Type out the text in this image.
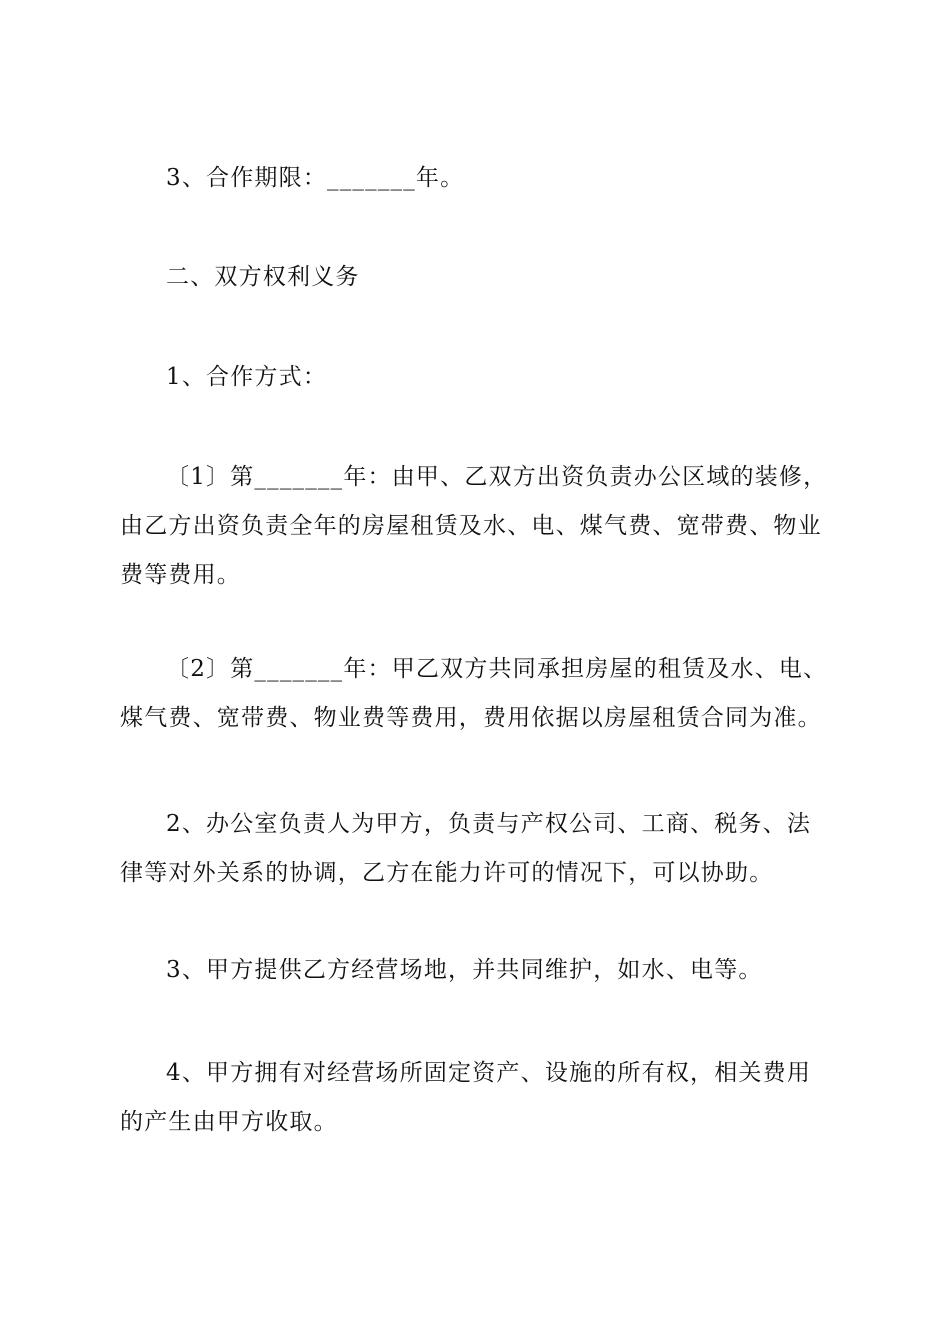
3、合作期限：_______年。

二、双方权利义务

1、合作方式：

〔1〕第_______年：由甲、乙双方出资负责办公区域的装修，由乙方出资负责全年的房屋租赁及水、电、煤气费、宽带费、物业费等费用。

〔2〕第_______年：甲乙双方共同承担房屋的租赁及水、电、煤气费、宽带费、物业费等费用，费用依据以房屋租赁合同为准。

2、办公室负责人为甲方，负责与产权公司、工商、税务、法律等对外关系的协调，乙方在能力许可的情况下，可以协助。

3、甲方提供乙方经营场地，并共同维护，如水、电等。

4、甲方拥有对经营场所固定资产、设施的所有权，相关费用的产生由甲方收取。
